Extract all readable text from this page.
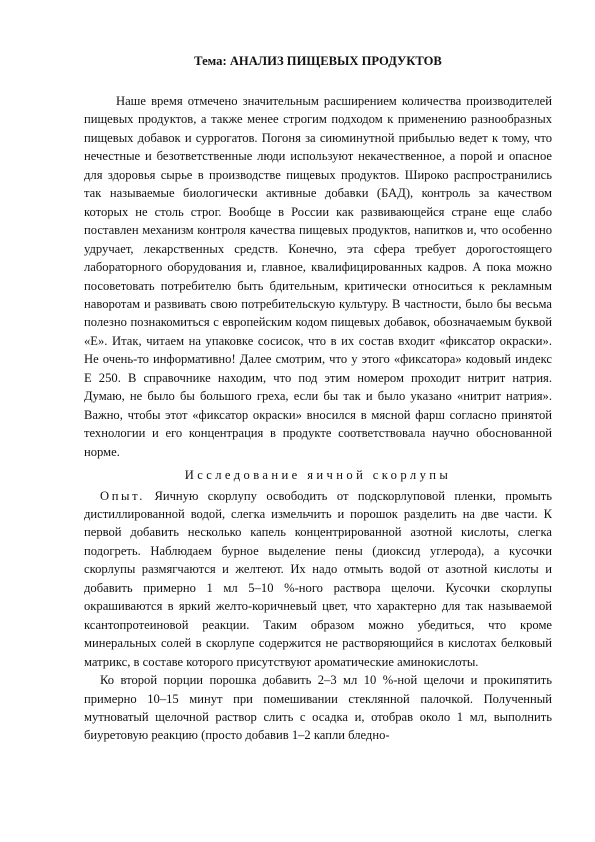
Тема: АНАЛИЗ ПИЩЕВЫХ ПРОДУКТОВ

Наше время отмечено значительным расширением количества производителей пищевых продуктов, а также менее строгим подходом к применению разнообразных пищевых добавок и суррогатов. Погоня за сиюминутной прибылью ведет к тому, что нечестные и безответственные люди используют некачественное, а порой и опасное для здоровья сырье в производстве пищевых продуктов. Широко распространились так называемые биологически активные добавки (БАД), контроль за качеством которых не столь строг. Вообще в России как развивающейся стране еще слабо поставлен механизм контроля качества пищевых продуктов, напитков и, что особенно удручает, лекарственных средств. Конечно, эта сфера требует дорогостоящего лабораторного оборудования и, главное, квалифицированных кадров. А пока можно посоветовать потребителю быть бдительным, критически относиться к рекламным наворотам и развивать свою потребительскую культуру. В частности, было бы весьма полезно познакомиться с европейским кодом пищевых добавок, обозначаемым буквой «Е». Итак, читаем на упаковке сосисок, что в их состав входит «фиксатор окраски». Не очень-то информативно! Далее смотрим, что у этого «фиксатора» кодовый индекс Е 250. В справочнике находим, что под этим номером проходит нитрит натрия. Думаю, не было бы большого греха, если бы так и было указано «нитрит натрия». Важно, чтобы этот «фиксатор окраски» вносился в мясной фарш согласно принятой технологии и его концентрация в продукте соответствовала научно обоснованной норме.

Исследование яичной скорлупы

Опыт. Яичную скорлупу освободить от подскорлуповой пленки, промыть дистиллированной водой, слегка измельчить и порошок разделить на две части. К первой добавить несколько капель концентрированной азотной кислоты, слегка подогреть. Наблюдаем бурное выделение пены (диоксид углерода), а кусочки скорлупы размягчаются и желтеют. Их надо отмыть водой от азотной кислоты и добавить примерно 1 мл 5–10 %-ного раствора щелочи. Кусочки скорлупы окрашиваются в яркий желто-коричневый цвет, что характерно для так называемой ксантопротеиновой реакции. Таким образом можно убедиться, что кроме минеральных солей в скорлупе содержится не растворяющийся в кислотах белковый матрикс, в составе которого присутствуют ароматические аминокислоты.

Ко второй порции порошка добавить 2–3 мл 10 %-ной щелочи и прокипятить примерно 10–15 минут при помешивании стеклянной палочкой. Полученный мутноватый щелочной раствор слить с осадка и, отобрав около 1 мл, выполнить биуретовую реакцию (просто добавив 1–2 капли бледно-
